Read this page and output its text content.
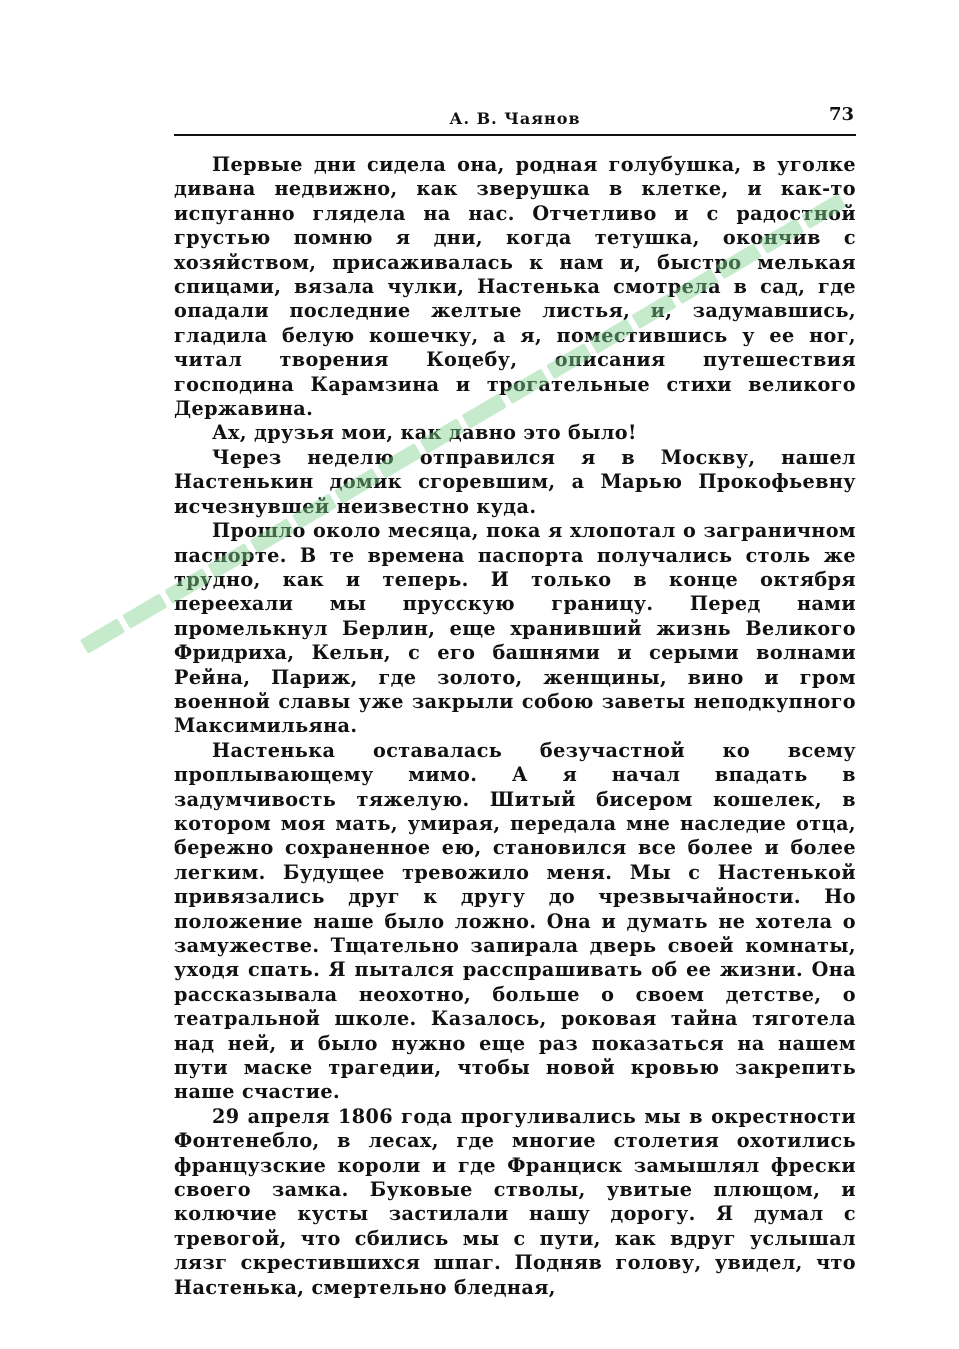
А. В. Чаянов	73

Первые дни сидела она, родная голубушка, в уголке дивана недвижно, как зверушка в клетке, и как-то испуганно глядела на нас. Отчетливо и с радостной грустью помню я дни, когда тетушка, окончив с хозяйством, присаживалась к нам и, быстро мелькая спицами, вязала чулки, Настенька смотрела в сад, где опадали последние желтые листья, и, задумавшись, гладила белую кошечку, а я, поместившись у ее ног, читал творения Коцебу, описания путешествия господина Карамзина и трогательные стихи великого Державина.

Ах, друзья мои, как давно это было!

Через неделю отправился я в Москву, нашел Настенькин домик сгоревшим, а Марью Прокофьевну исчезнувшей неизвестно куда.

Прошло около месяца, пока я хлопотал о заграничном паспорте. В те времена паспорта получались столь же трудно, как и теперь. И только в конце октября переехали мы прусскую границу. Перед нами промелькнул Берлин, еще хранивший жизнь Великого Фридриха, Кельн, с его башнями и серыми волнами Рейна, Париж, где золото, женщины, вино и гром военной славы уже закрыли собою заветы неподкупного Максимильяна.

Настенька оставалась безучастной ко всему проплывающему мимо. А я начал впадать в задумчивость тяжелую. Шитый бисером кошелек, в котором моя мать, умирая, передала мне наследие отца, бережно сохраненное ею, становился все более и более легким. Будущее тревожило меня. Мы с Настенькой привязались друг к другу до чрезвычайности. Но положение наше было ложно. Она и думать не хотела о замужестве. Тщательно запирала дверь своей комнаты, уходя спать. Я пытался расспрашивать об ее жизни. Она рассказывала неохотно, больше о своем детстве, о театральной школе. Казалось, роковая тайна тяготела над ней, и было нужно еще раз показаться на нашем пути маске трагедии, чтобы новой кровью закрепить наше счастие.

29 апреля 1806 года прогуливались мы в окрестности Фонтенебло, в лесах, где многие столетия охотились французские короли и где Франциск замышлял фрески своего замка. Буковые стволы, увитые плющом, и колючие кусты застилали нашу дорогу. Я думал с тревогой, что сбились мы с пути, как вдруг услышал лязг скрестившихся шпаг. Подняв голову, увидел, что Настенька, смертельно бледная,
